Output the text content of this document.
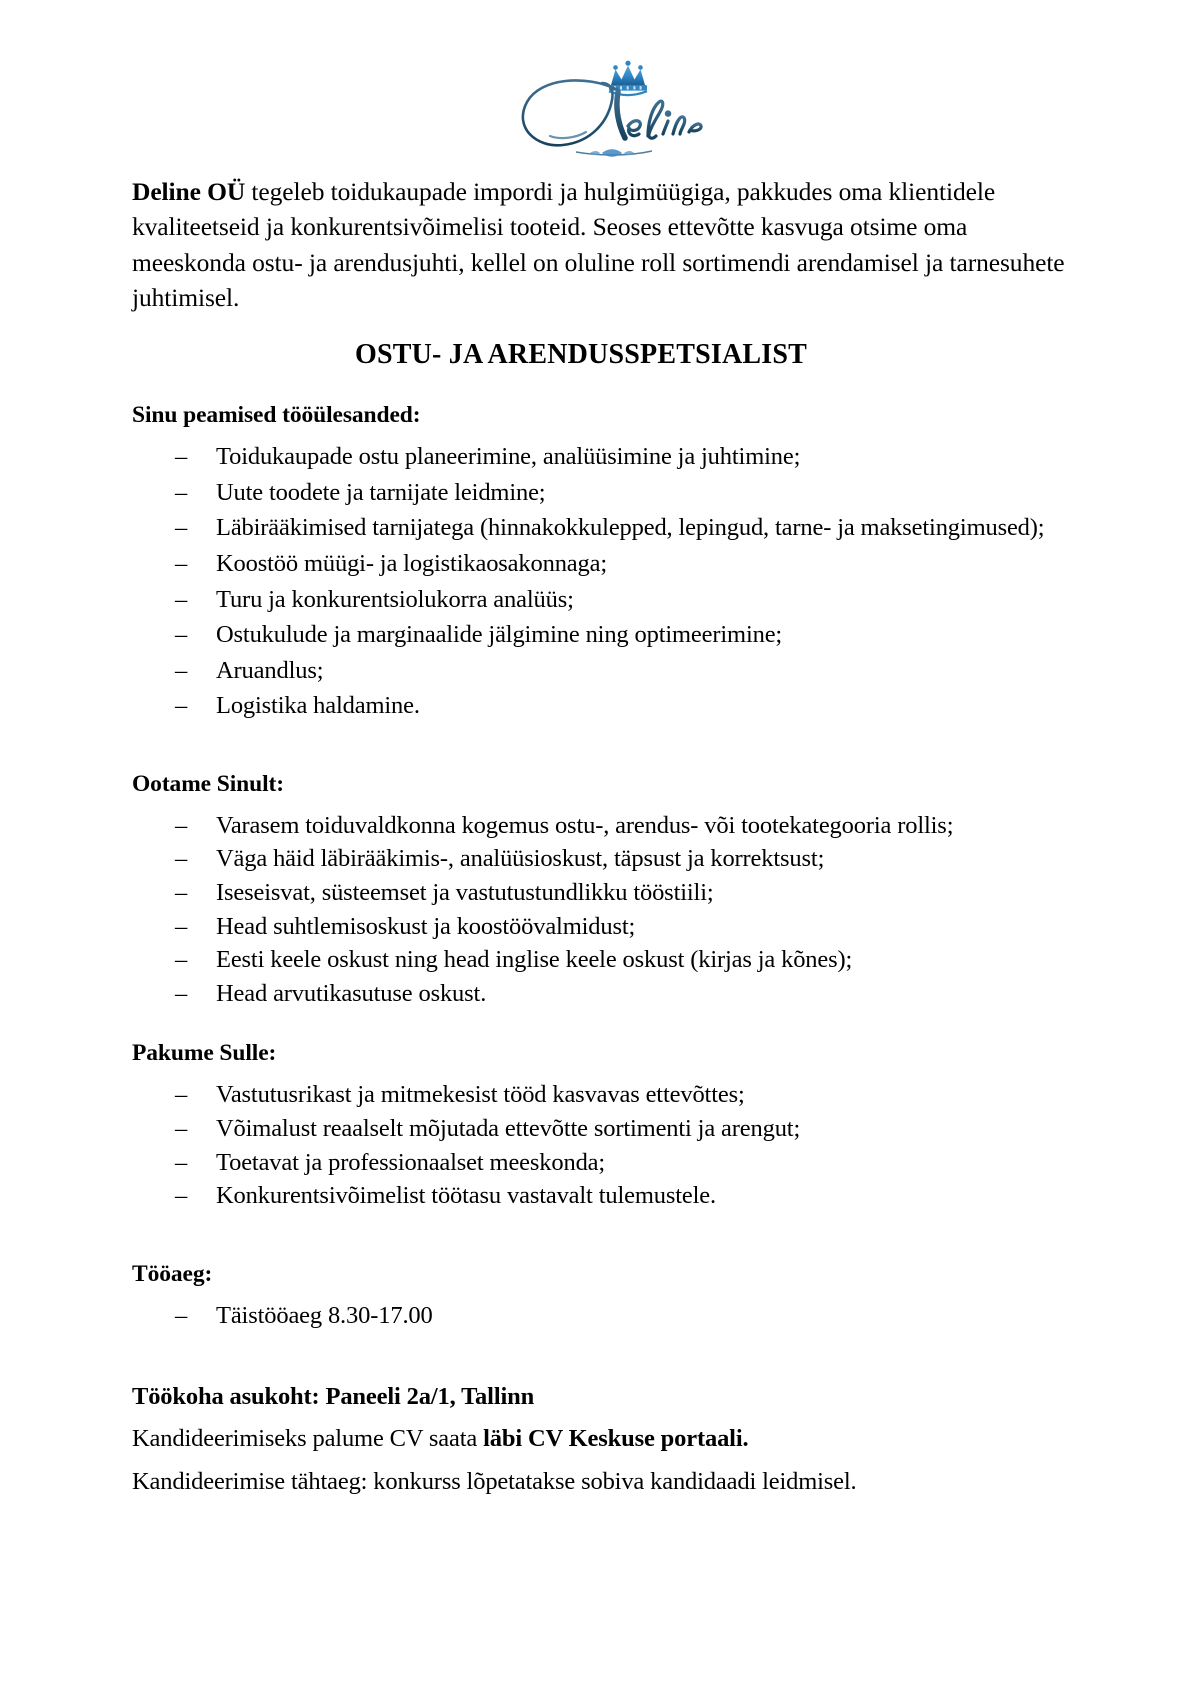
Deline OÜ tegeleb toidukaupade impordi ja hulgimüügiga, pakkudes oma klientidele kvaliteetseid ja konkurentsivõimelisi tooteid. Seoses ettevõtte kasvuga otsime oma meeskonda ostu- ja arendusjuhti, kellel on oluline roll sortimendi arendamisel ja tarnesuhete juhtimisel.

OSTU- JA ARENDUSSPETSIALIST
Sinu peamised tööülesanded:
–	Toidukaupade ostu planeerimine, analüüsimine ja juhtimine;
–	Uute toodete ja tarnijate leidmine;
–	Läbirääkimised tarnijatega (hinnakokkulepped, lepingud, tarne- ja maksetingimused);
–	Koostöö müügi- ja logistikaosakonnaga;
–	Turu ja konkurentsiolukorra analüüs;
–	Ostukulude ja marginaalide jälgimine ning optimeerimine;
–	Aruandlus;
–	Logistika haldamine.
Ootame Sinult:
–	Varasem toiduvaldkonna kogemus ostu-, arendus- või tootekategooria rollis;
–	Väga häid läbirääkimis-, analüüsioskust, täpsust ja korrektsust;
–	Iseseisvat, süsteemset ja vastutustundlikku tööstiili;
–	Head suhtlemisoskust ja koostöövalmidust;
–	Eesti keele oskust ning head inglise keele oskust (kirjas ja kõnes);
–	Head arvutikasutuse oskust.
Pakume Sulle:
–	Vastutusrikast ja mitmekesist tööd kasvavas ettevõttes;
–	Võimalust reaalselt mõjutada ettevõtte sortimenti ja arengut;
–	Toetavat ja professionaalset meeskonda;
–	Konkurentsivõimelist töötasu vastavalt tulemustele.
Tööaeg:
–	Täistööaeg 8.30-17.00
Töökoha asukoht: Paneeli 2a/1, Tallinn
Kandideerimiseks palume CV saata läbi CV Keskuse portaali.
Kandideerimise tähtaeg: konkurss lõpetatakse sobiva kandidaadi leidmisel.
